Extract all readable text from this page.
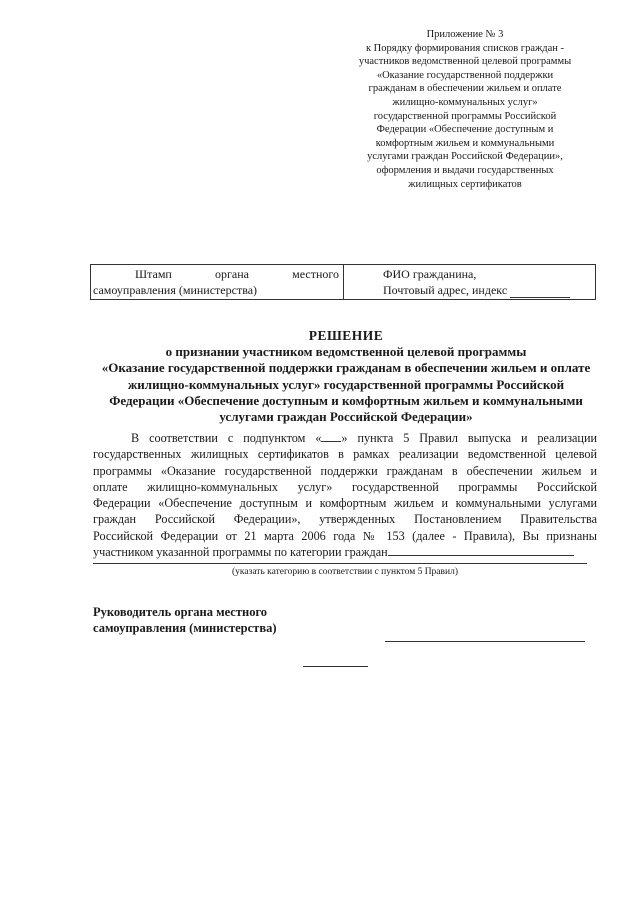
Приложение № 3
к Порядку формирования списков граждан -
участников ведомственной целевой программы
«Оказание государственной поддержки
гражданам в обеспечении жильем и оплате
жилищно-коммунальных услуг»
государственной программы Российской
Федерации «Обеспечение доступным и
комфортным жильем и коммунальными
услугами граждан Российской Федерации»,
оформления и выдачи государственных
жилищных сертификатов
Штамп	органа	местного
самоуправления (министерства)
ФИО гражданина,
Почтовый адрес, индекс
РЕШЕНИЕ
о признании участником ведомственной целевой программы
«Оказание государственной поддержки гражданам в обеспечении жильем и оплате
жилищно-коммунальных услуг» государственной программы Российской
Федерации «Обеспечение доступным и комфортным жильем и коммунальными
услугами граждан Российской Федерации»
В соответствии с подпунктом « » пункта 5 Правил выпуска и реализации
государственных жилищных сертификатов в рамках реализации ведомственной целевой
программы «Оказание государственной поддержки гражданам в обеспечении жильем и
оплате жилищно-коммунальных услуг» государственной программы Российской
Федерации «Обеспечение доступным и комфортным жильем и коммунальными услугами
граждан Российской Федерации», утвержденных Постановлением Правительства
Российской Федерации от 21 марта 2006 года № 153 (далее - Правила), Вы признаны
участником указанной программы по категории граждан
(указать категорию в соответствии с пунктом 5 Правил)
Руководитель органа местного
самоуправления (министерства)
